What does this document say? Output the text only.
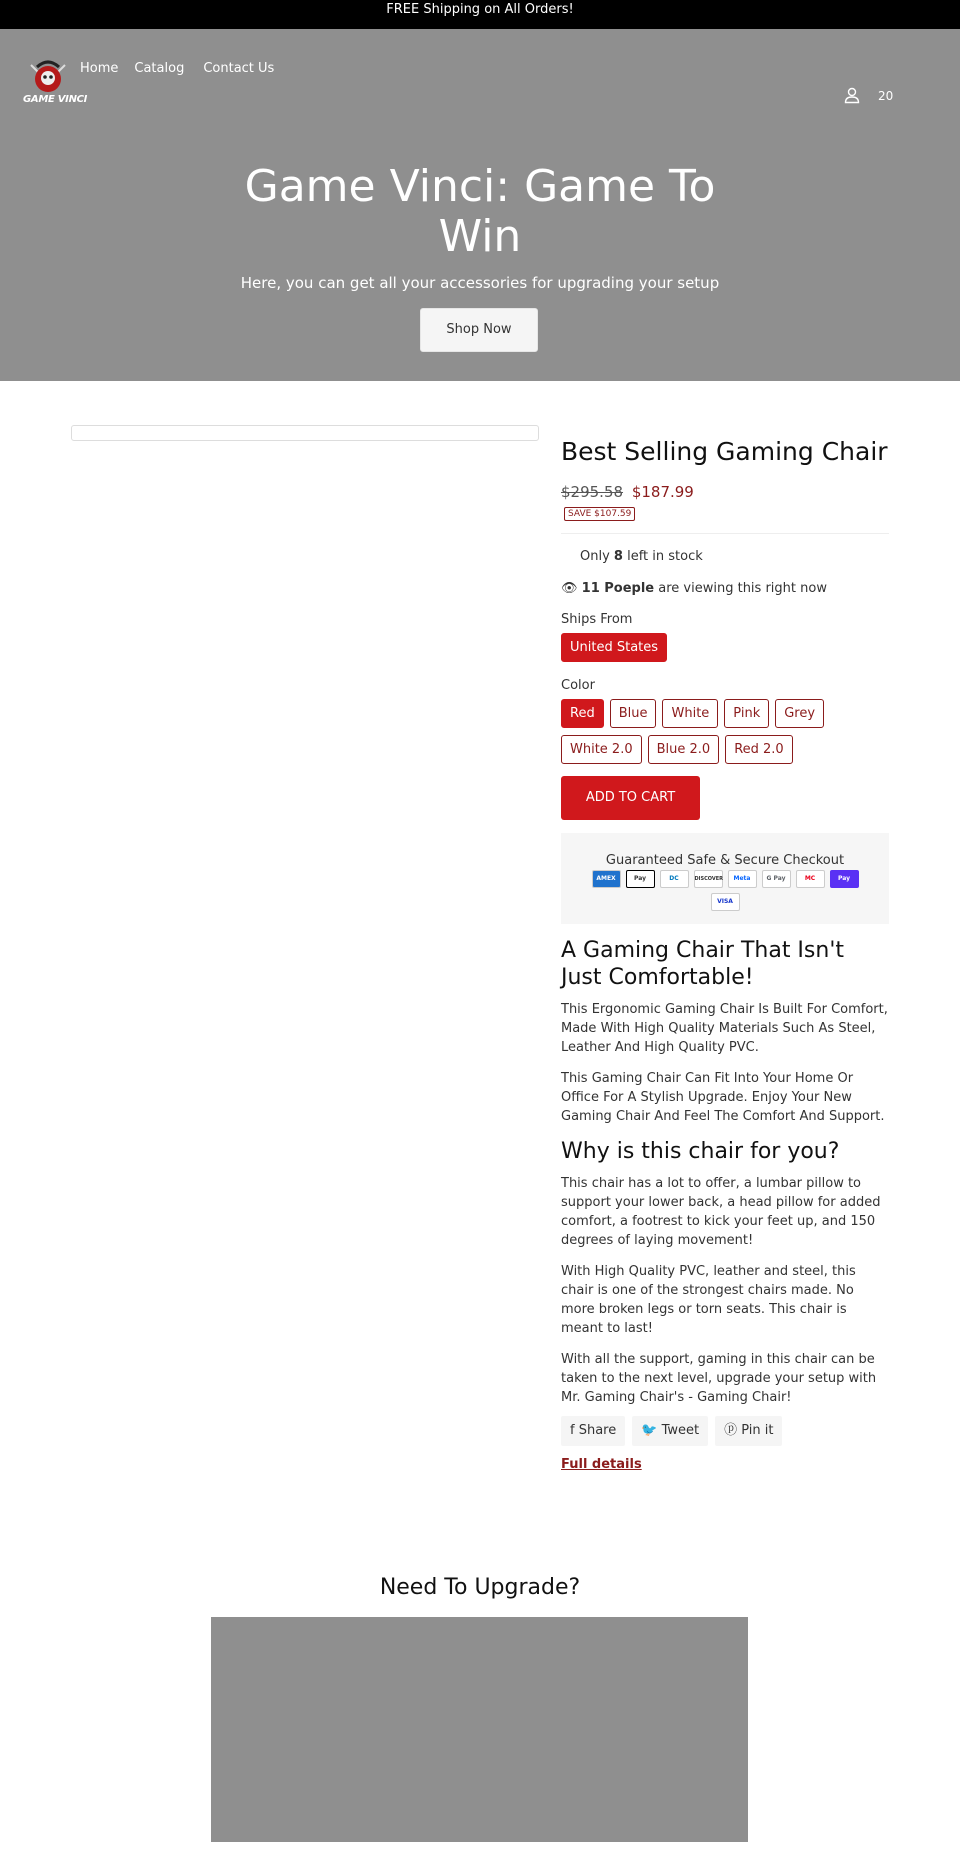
FREE Shipping on All Orders!
GAME VINCI
Home Catalog Contact Us
20
Game Vinci: Game To Win
Here, you can get all your accessories for upgrading your setup
Shop Now
Best Selling Gaming Chair
$295.58 $187.99
SAVE $107.59
Only 8 left in stock
👁 11 Poeple are viewing this right now
Ships From
United States
Color
Red	Blue	White	Pink	Grey
White 2.0	Blue 2.0	Red 2.0
ADD TO CART
Guaranteed Safe & Secure Checkout
AMEX	Pay	DC	DISCOVER	Meta	G Pay	MC	Pay
VISA
A Gaming Chair That Isn't Just Comfortable!

This Ergonomic Gaming Chair Is Built For Comfort, Made With High Quality Materials Such As Steel, Leather And High Quality PVC.

This Gaming Chair Can Fit Into Your Home Or Office For A Stylish Upgrade. Enjoy Your New Gaming Chair And Feel The Comfort And Support.

Why is this chair for you?

This chair has a lot to offer, a lumbar pillow to support your lower back, a head pillow for added comfort, a footrest to kick your feet up, and 150 degrees of laying movement!

With High Quality PVC, leather and steel, this chair is one of the strongest chairs made. No more broken legs or torn seats. This chair is meant to last!

With all the support, gaming in this chair can be taken to the next level, upgrade your setup with Mr. Gaming Chair's - Gaming Chair!

f Share	🐦 Tweet	ⓟ Pin it
Full details
Need To Upgrade?
